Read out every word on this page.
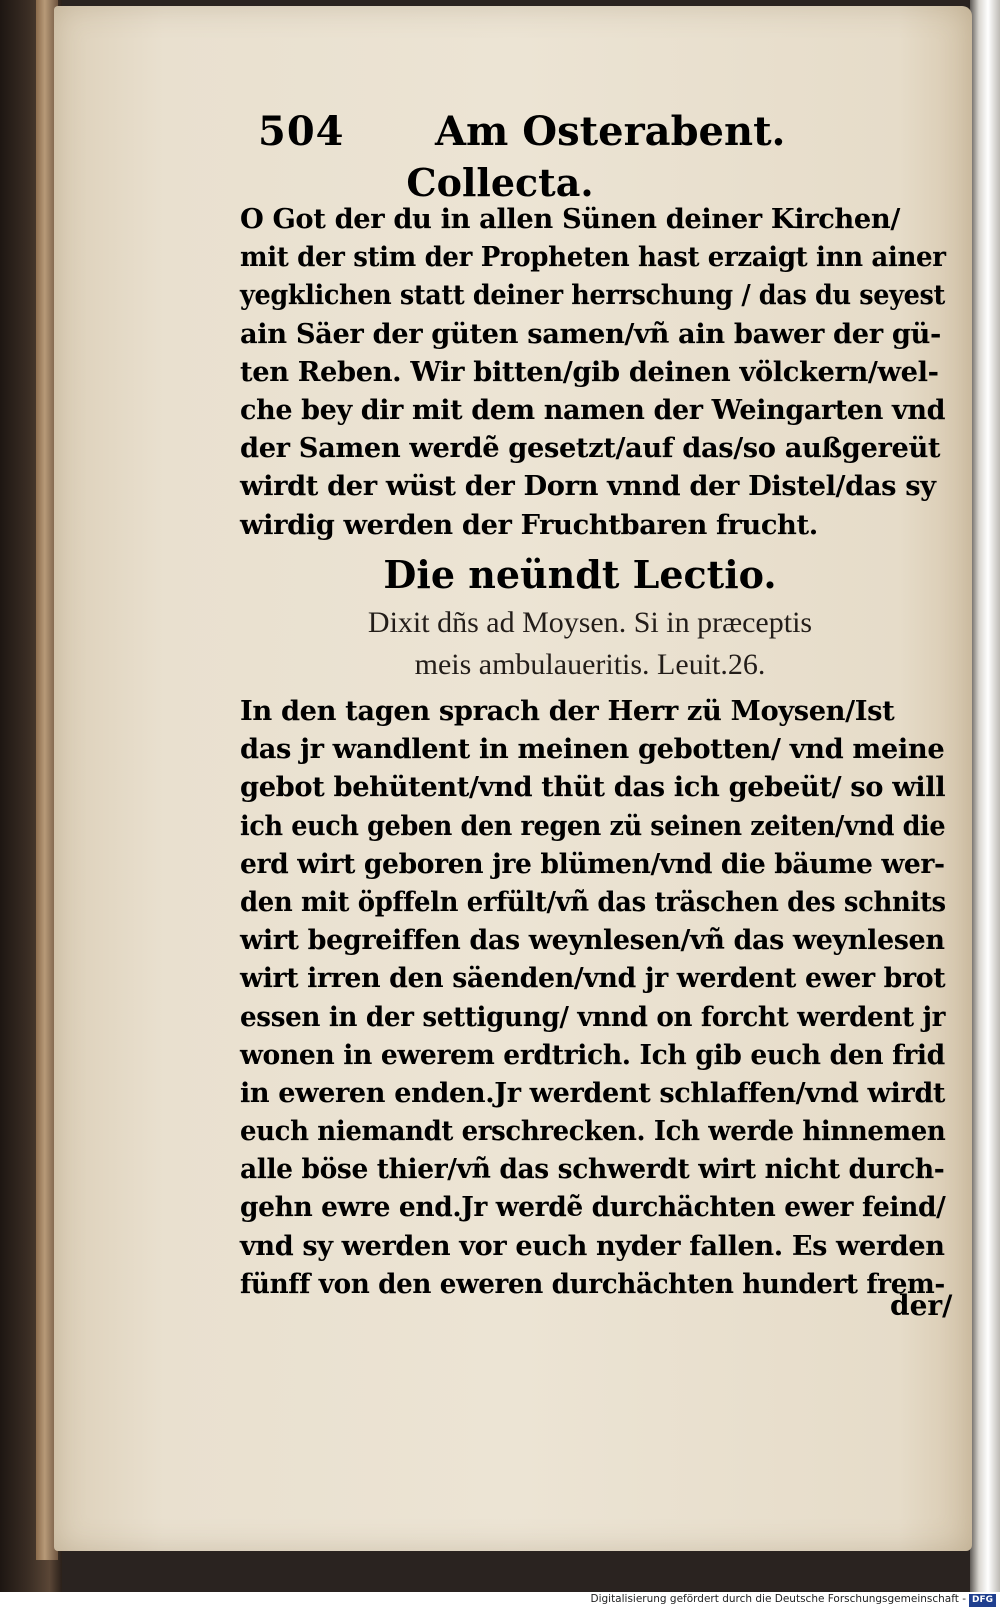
504 Am Osterabent.
Collecta.
O Got der du in allen Sünen deiner Kirchen/
mit der stim der Propheten hast erzaigt inn ainer
yegklichen statt deiner herrschung / das du seyest
ain Säer der güten samen/vñ ain bawer der gü-
ten Reben. Wir bitten/gib deinen völckern/wel-
che bey dir mit dem namen der Weingarten vnd
der Samen werdẽ gesetzt/auf das/so außgereüt
wirdt der wüst der Dorn vnnd der Distel/das sy
wirdig werden der Fruchtbaren frucht.
Die neündt Lectio.
Dixit dñs ad Moysen. Si in præceptis
meis ambulaueritis. Leuit.26.
In den tagen sprach der Herr zü Moysen/Ist
das jr wandlent in meinen gebotten/ vnd meine
gebot behütent/vnd thüt das ich gebeüt/ so will
ich euch geben den regen zü seinen zeiten/vnd die
erd wirt geboren jre blümen/vnd die bäume wer-
den mit öpffeln erfült/vñ das träschen des schnits
wirt begreiffen das weynlesen/vñ das weynlesen
wirt irren den säenden/vnd jr werdent ewer brot
essen in der settigung/ vnnd on forcht werdent jr
wonen in ewerem erdtrich. Ich gib euch den frid
in eweren enden.Jr werdent schlaffen/vnd wirdt
euch niemandt erschrecken. Ich werde hinnemen
alle böse thier/vñ das schwerdt wirt nicht durch-
gehn ewre end.Jr werdẽ durchächten ewer feind/
vnd sy werden vor euch nyder fallen. Es werden
fünff von den eweren durchächten hundert frem-
der/
Digitalisierung gefördert durch die Deutsche Forschungsgemeinschaft - DFG
